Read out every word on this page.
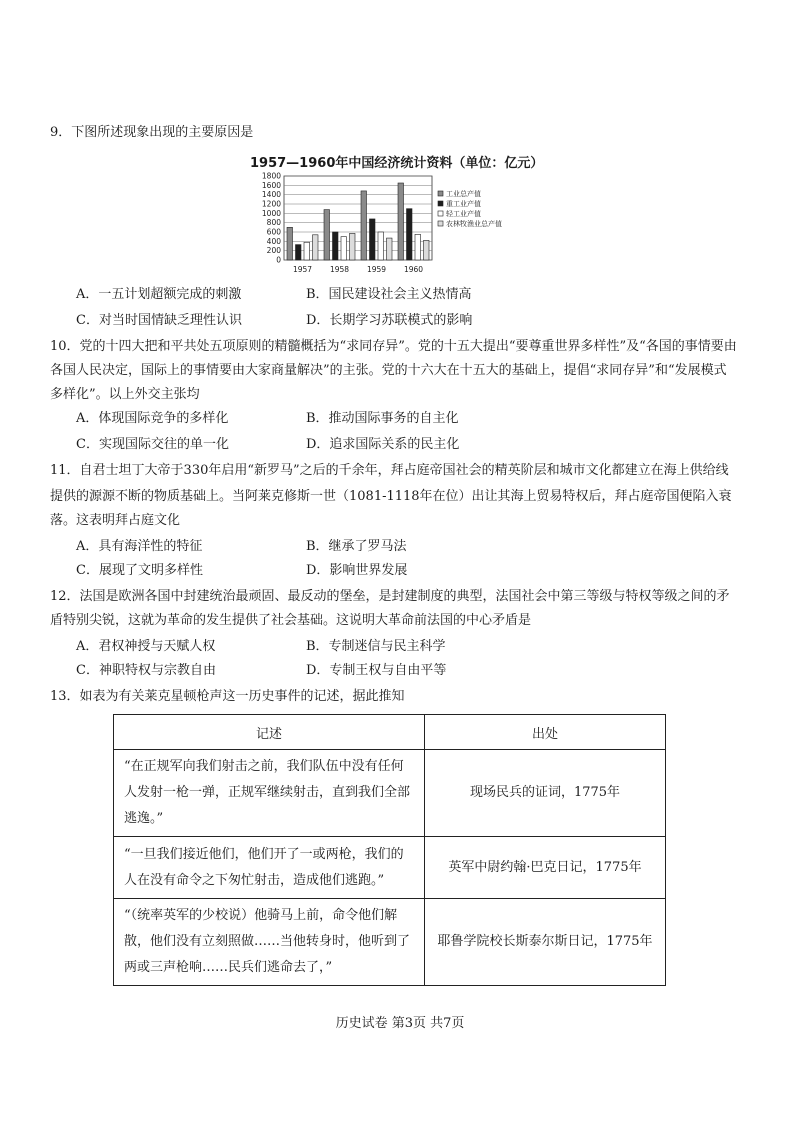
9．下图所述现象出现的主要原因是
1957—1960年中国经济统计资料（单位：亿元）
0
200
400
600
800
1000
1200
1400
1600
1800
1957 1958 1959 1960
工业总产值
重工业产值
轻工业产值
农林牧渔业总产值
A．一五计划超额完成的刺激	B．国民建设社会主义热情高
C．对当时国情缺乏理性认识	D．长期学习苏联模式的影响
10．党的十四大把和平共处五项原则的精髓概括为“求同存异”。党的十五大提出“要尊重世界多样性”及“各国的事情要由
各国人民决定，国际上的事情要由大家商量解决”的主张。党的十六大在十五大的基础上，提倡“求同存异”和“发展模式
多样化”。以上外交主张均
A．体现国际竞争的多样化	B．推动国际事务的自主化
C．实现国际交往的单一化	D．追求国际关系的民主化
11．自君士坦丁大帝于330年启用“新罗马”之后的千余年，拜占庭帝国社会的精英阶层和城市文化都建立在海上供给线
提供的源源不断的物质基础上。当阿莱克修斯一世（1081-1118年在位）出让其海上贸易特权后，拜占庭帝国便陷入衰
落。这表明拜占庭文化
A．具有海洋性的特征	B．继承了罗马法
C．展现了文明多样性	D．影响世界发展
12．法国是欧洲各国中封建统治最顽固、最反动的堡垒，是封建制度的典型，法国社会中第三等级与特权等级之间的矛
盾特别尖锐，这就为革命的发生提供了社会基础。这说明大革命前法国的中心矛盾是
A．君权神授与天赋人权	B．专制迷信与民主科学
C．神职特权与宗教自由	D．专制王权与自由平等
13．如表为有关莱克星顿枪声这一历史事件的记述，据此推知
记述	出处
“在正规军向我们射击之前，我们队伍中没有任何人发射一枪一弹，正规军继续射击，直到我们全部逃逸。”	现场民兵的证词，1775年
“一旦我们接近他们，他们开了一或两枪，我们的人在没有命令之下匆忙射击，造成他们逃跑。”	英军中尉约翰·巴克日记，1775年
“（统率英军的少校说）他骑马上前，命令他们解散，他们没有立刻照做……当他转身时，他听到了两或三声枪响……民兵们逃命去了，”	耶鲁学院校长斯泰尔斯日记，1775年
历史试卷 第3页 共7页
